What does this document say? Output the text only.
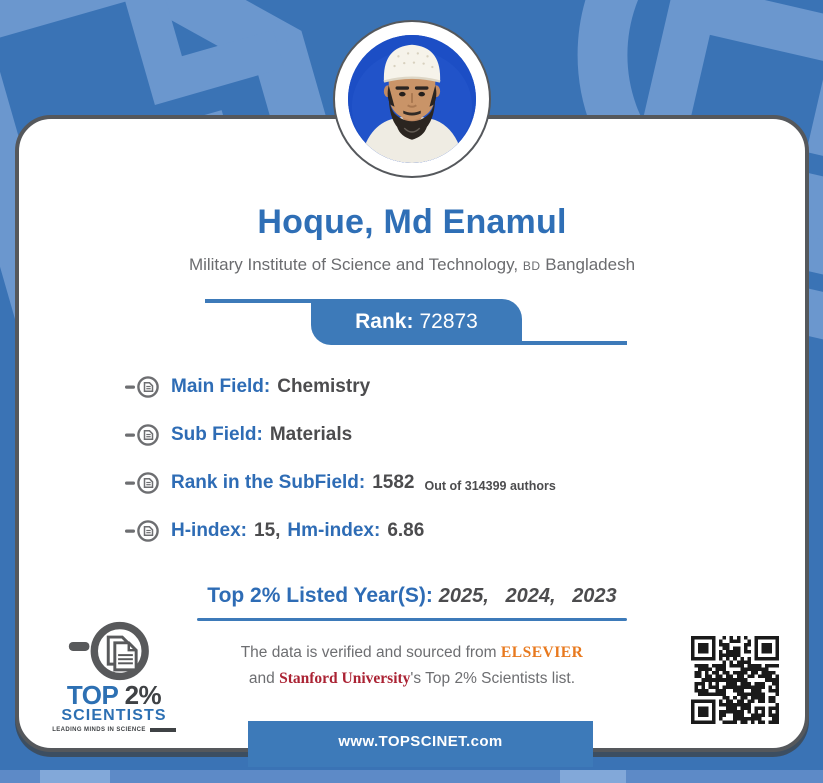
Hoque, Md Enamul
Military Institute of Science and Technology, BD Bangladesh
Rank: 72873
Main Field: Chemistry
Sub Field: Materials
Rank in the SubField: 1582 Out of 314399 authors
H-index: 15, Hm-index: 6.86
Top 2% Listed Year(S): 2025,   2024,   2023
The data is verified and sourced from ELSEVIER
and Stanford University's Top 2% Scientists list.
TOP 2%
SCIENTISTS
LEADING MINDS IN SCIENCE
www.TOPSCINET.com
